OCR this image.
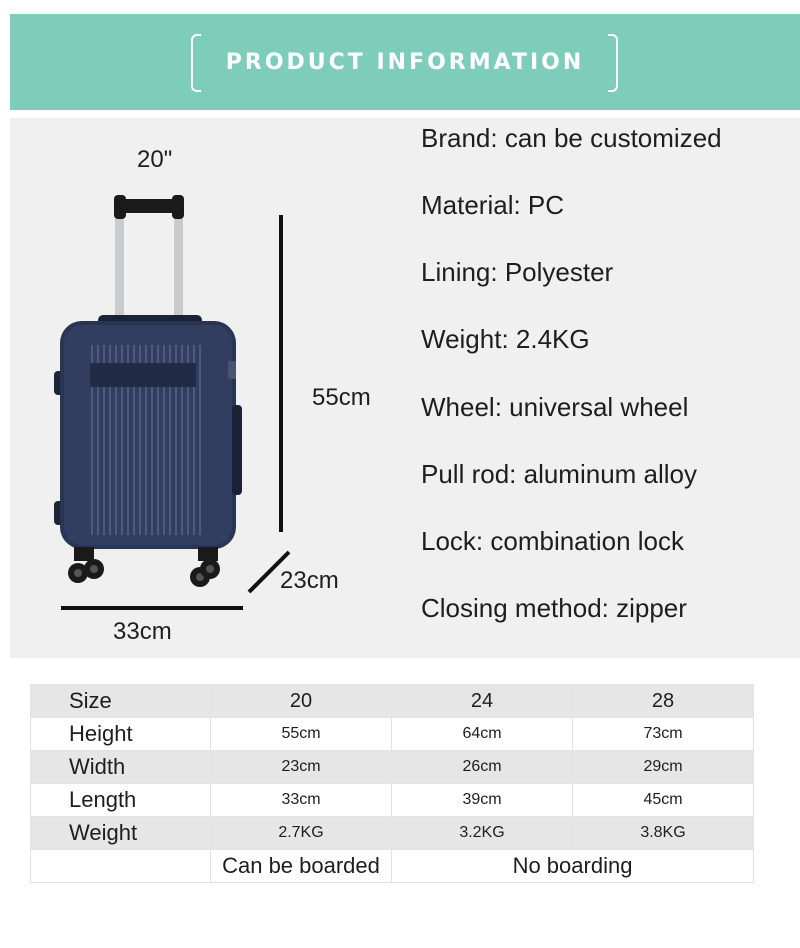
PRODUCT INFORMATION
20"
55cm
23cm
33cm
Brand: can be customized
Material: PC
Lining: Polyester
Weight: 2.4KG
Wheel: universal wheel
Pull rod: aluminum alloy
Lock: combination lock
Closing method: zipper
Size	20	24	28
Height	55cm	64cm	73cm
Width	23cm	26cm	29cm
Length	33cm	39cm	45cm
Weight	2.7KG	3.2KG	3.8KG
	Can be boarded	No boarding	
